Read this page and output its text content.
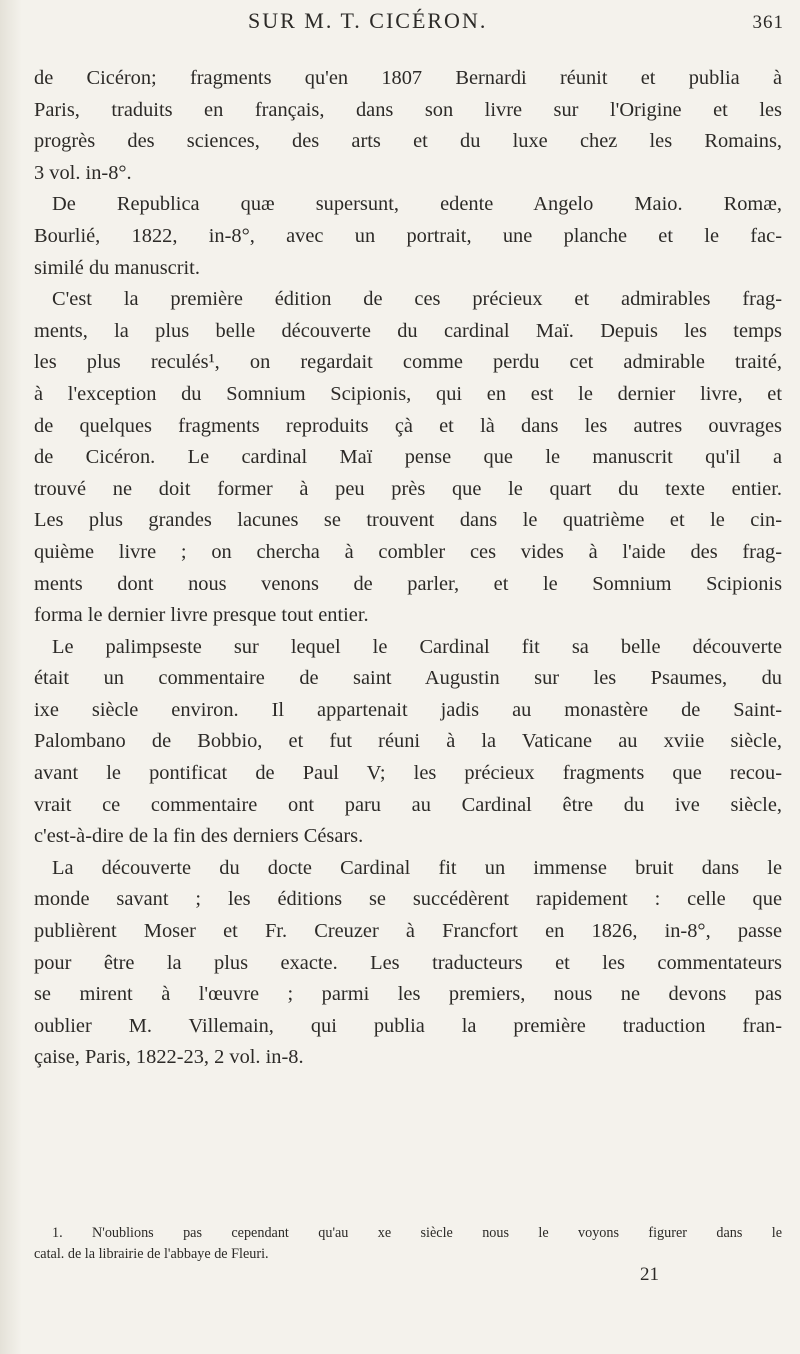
SUR M. T. CICÉRON.	361
de Cicéron; fragments qu'en 1807 Bernardi réunit et publia à
Paris, traduits en français, dans son livre sur l'Origine et les
progrès des sciences, des arts et du luxe chez les Romains,
3 vol. in-8°.
De Republica quæ supersunt, edente Angelo Maio. Romæ,
Bourlié, 1822, in-8°, avec un portrait, une planche et le fac-
similé du manuscrit.
C'est la première édition de ces précieux et admirables frag-
ments, la plus belle découverte du cardinal Maï. Depuis les temps
les plus reculés¹, on regardait comme perdu cet admirable traité,
à l'exception du Somnium Scipionis, qui en est le dernier livre, et
de quelques fragments reproduits çà et là dans les autres ouvrages
de Cicéron. Le cardinal Maï pense que le manuscrit qu'il a
trouvé ne doit former à peu près que le quart du texte entier.
Les plus grandes lacunes se trouvent dans le quatrième et le cin-
quième livre ; on chercha à combler ces vides à l'aide des frag-
ments dont nous venons de parler, et le Somnium Scipionis
forma le dernier livre presque tout entier.
Le palimpseste sur lequel le Cardinal fit sa belle découverte
était un commentaire de saint Augustin sur les Psaumes, du
ixe siècle environ. Il appartenait jadis au monastère de Saint-
Palombano de Bobbio, et fut réuni à la Vaticane au xviie siècle,
avant le pontificat de Paul V; les précieux fragments que recou-
vrait ce commentaire ont paru au Cardinal être du ive siècle,
c'est-à-dire de la fin des derniers Césars.
La découverte du docte Cardinal fit un immense bruit dans le
monde savant ; les éditions se succédèrent rapidement : celle que
publièrent Moser et Fr. Creuzer à Francfort en 1826, in-8°, passe
pour être la plus exacte. Les traducteurs et les commentateurs
se mirent à l'œuvre ; parmi les premiers, nous ne devons pas
oublier M. Villemain, qui publia la première traduction fran-
çaise, Paris, 1822-23, 2 vol. in-8.
1. N'oublions pas cependant qu'au xe siècle nous le voyons figurer dans le
catal. de la librairie de l'abbaye de Fleuri.
21
